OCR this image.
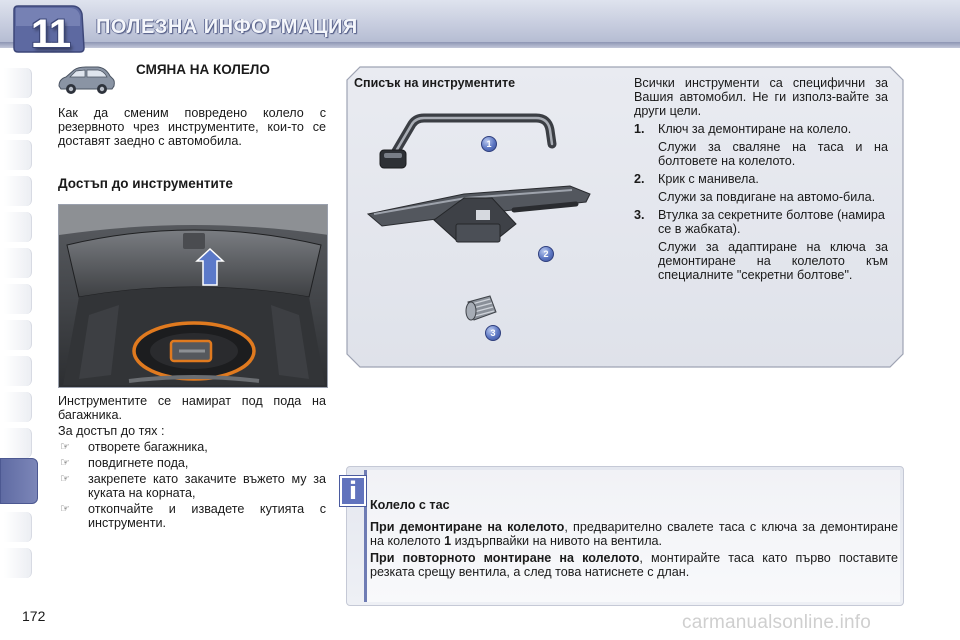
11	ПОЛЕЗНА ИНФОРМАЦИЯ
СМЯНА НА КОЛЕЛО
Как да сменим повредено колело с резервното чрез инструментите, кои-то се доставят заедно с автомобила.
Достъп до инструментите

Инструментите се намират под пода на багажника.

За достъп до тях :

☞ отворете багажника,
☞ повдигнете пода,
☞ закрепете като закачите въжето му за куката на корната,
☞ откопчайте и извадете кутията с инструменти.
Списък на инструментите
1
2
3
Всички инструменти са специфични за Вашия автомобил. Не ги използ-вайте за други цели.
1. Ключ за демонтиране на колело.
Служи за сваляне на таса и на болтовете на колелото.
2. Крик с манивела.
Служи за повдигане на автомо-била.
3. Втулка за секретните болтове (намира се в жабката).
Служи за адаптиране на ключа за демонтиране на колелото към специалните "секретни болтове".
i	Колело с тас

При демонтиране на колелото, предварително свалете таса с ключа за демонтиране на колелото 1 издърпвайки на нивото на вентила.

При повторното монтиране на колелото, монтирайте таса като първо поставите резката срещу вентила, а след това натиснете с длан.

172	carmanualsonline.info
